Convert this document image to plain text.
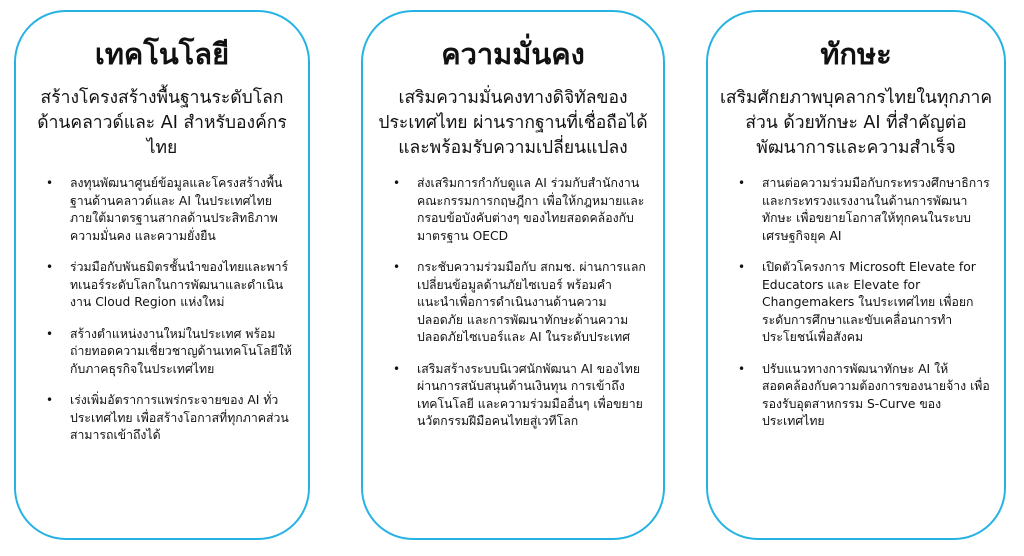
เทคโนโลยี
สร้างโครงสร้างพื้นฐานระดับโลก ด้านคลาวด์และ AI สำหรับองค์กรไทย
• ลงทุนพัฒนาศูนย์ข้อมูลและโครงสร้างพื้นฐานด้านคลาวด์และ AI ในประเทศไทย ภายใต้มาตรฐานสากลด้านประสิทธิภาพ ความมั่นคง และความยั่งยืน
• ร่วมมือกับพันธมิตรชั้นนำของไทยและพาร์ทเนอร์ระดับโลกในการพัฒนาและดำเนินงาน Cloud Region แห่งใหม่
• สร้างตำแหน่งงานใหม่ในประเทศ พร้อมถ่ายทอดความเชี่ยวชาญด้านเทคโนโลยีให้กับภาคธุรกิจในประเทศไทย
• เร่งเพิ่มอัตราการแพร่กระจายของ AI ทั่วประเทศไทย เพื่อสร้างโอกาสที่ทุกภาคส่วนสามารถเข้าถึงได้
ความมั่นคง
เสริมความมั่นคงทางดิจิทัลของประเทศไทย ผ่านรากฐานที่เชื่อถือได้และพร้อมรับความเปลี่ยนแปลง
• ส่งเสริมการกำกับดูแล AI ร่วมกับสำนักงานคณะกรรมการกฤษฎีกา เพื่อให้กฎหมายและกรอบข้อบังคับต่างๆ ของไทยสอดคล้องกับมาตรฐาน OECD
• กระชับความร่วมมือกับ สกมช. ผ่านการแลกเปลี่ยนข้อมูลด้านภัยไซเบอร์ พร้อมคำแนะนำเพื่อการดำเนินงานด้านความปลอดภัย และการพัฒนาทักษะด้านความปลอดภัยไซเบอร์และ AI ในระดับประเทศ
• เสริมสร้างระบบนิเวศนักพัฒนา AI ของไทย ผ่านการสนับสนุนด้านเงินทุน การเข้าถึงเทคโนโลยี และความร่วมมืออื่นๆ เพื่อขยายนวัตกรรมฝีมือคนไทยสู่เวทีโลก
ทักษะ
เสริมศักยภาพบุคลากรไทยในทุกภาคส่วน ด้วยทักษะ AI ที่สำคัญต่อพัฒนาการและความสำเร็จ
• สานต่อความร่วมมือกับกระทรวงศึกษาธิการและกระทรวงแรงงานในด้านการพัฒนาทักษะ เพื่อขยายโอกาสให้ทุกคนในระบบเศรษฐกิจยุค AI
• เปิดตัวโครงการ Microsoft Elevate for Educators และ Elevate for Changemakers ในประเทศไทย เพื่อยกระดับการศึกษาและขับเคลื่อนการทำประโยชน์เพื่อสังคม
• ปรับแนวทางการพัฒนาทักษะ AI ให้สอดคล้องกับความต้องการของนายจ้าง เพื่อรองรับอุตสาหกรรม S-Curve ของประเทศไทย
